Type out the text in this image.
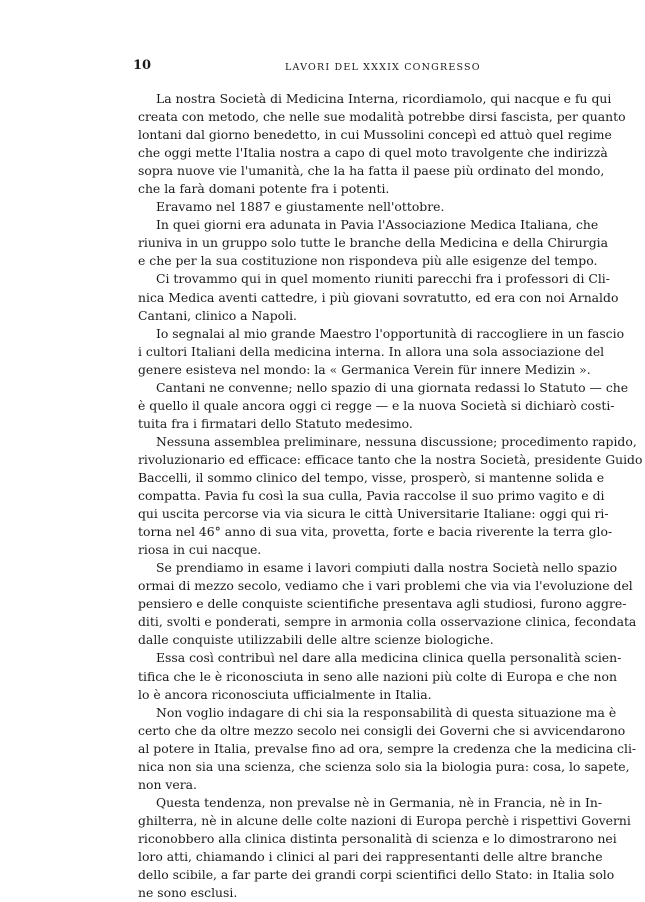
10	LAVORI DEL XXXIX CONGRESSO
La nostra Società di Medicina Interna, ricordiamolo, qui nacque e fu qui
creata con metodo, che nelle sue modalità potrebbe dirsi fascista, per quanto
lontani dal giorno benedetto, in cui Mussolini concepì ed attuò quel regime
che oggi mette l'Italia nostra a capo di quel moto travolgente che indirizzà
sopra nuove vie l'umanità, che la ha fatta il paese più ordinato del mondo,
che la farà domani potente fra i potenti.
Eravamo nel 1887 e giustamente nell'ottobre.
In quei giorni era adunata in Pavia l'Associazione Medica Italiana, che
riuniva in un gruppo solo tutte le branche della Medicina e della Chirurgia
e che per la sua costituzione non rispondeva più alle esigenze del tempo.
Ci trovammo qui in quel momento riuniti parecchi fra i professori di Cli-
nica Medica aventi cattedre, i più giovani sovratutto, ed era con noi Arnaldo
Cantani, clinico a Napoli.
Io segnalai al mio grande Maestro l'opportunità di raccogliere in un fascio
i cultori Italiani della medicina interna. In allora una sola associazione del
genere esisteva nel mondo: la « Germanica Verein für innere Medizin ».
Cantani ne convenne; nello spazio di una giornata redassi lo Statuto — che
è quello il quale ancora oggi ci regge — e la nuova Società si dichiarò costi-
tuita fra i firmatari dello Statuto medesimo.
Nessuna assemblea preliminare, nessuna discussione; procedimento rapido,
rivoluzionario ed efficace: efficace tanto che la nostra Società, presidente Guido
Baccelli, il sommo clinico del tempo, visse, prosperò, si mantenne solida e
compatta. Pavia fu così la sua culla, Pavia raccolse il suo primo vagito e di
qui uscita percorse via via sicura le città Universitarie Italiane: oggi qui ri-
torna nel 46° anno di sua vita, provetta, forte e bacia riverente la terra glo-
riosa in cui nacque.
Se prendiamo in esame i lavori compiuti dalla nostra Società nello spazio
ormai di mezzo secolo, vediamo che i vari problemi che via via l'evoluzione del
pensiero e delle conquiste scientifiche presentava agli studiosi, furono aggre-
diti, svolti e ponderati, sempre in armonia colla osservazione clinica, fecondata
dalle conquiste utilizzabili delle altre scienze biologiche.
Essa così contribuì nel dare alla medicina clinica quella personalità scien-
tifica che le è riconosciuta in seno alle nazioni più colte di Europa e che non
lo è ancora riconosciuta ufficialmente in Italia.
Non voglio indagare di chi sia la responsabilità di questa situazione ma è
certo che da oltre mezzo secolo nei consigli dei Governi che si avvicendarono
al potere in Italia, prevalse fino ad ora, sempre la credenza che la medicina cli-
nica non sia una scienza, che scienza solo sia la biologia pura: cosa, lo sapete,
non vera.
Questa tendenza, non prevalse nè in Germania, nè in Francia, nè in In-
ghilterra, nè in alcune delle colte nazioni di Europa perchè i rispettivi Governi
riconobbero alla clinica distinta personalità di scienza e lo dimostrarono nei
loro atti, chiamando i clinici al pari dei rappresentanti delle altre branche
dello scibile, a far parte dei grandi corpi scientifici dello Stato: in Italia solo
ne sono esclusi.
